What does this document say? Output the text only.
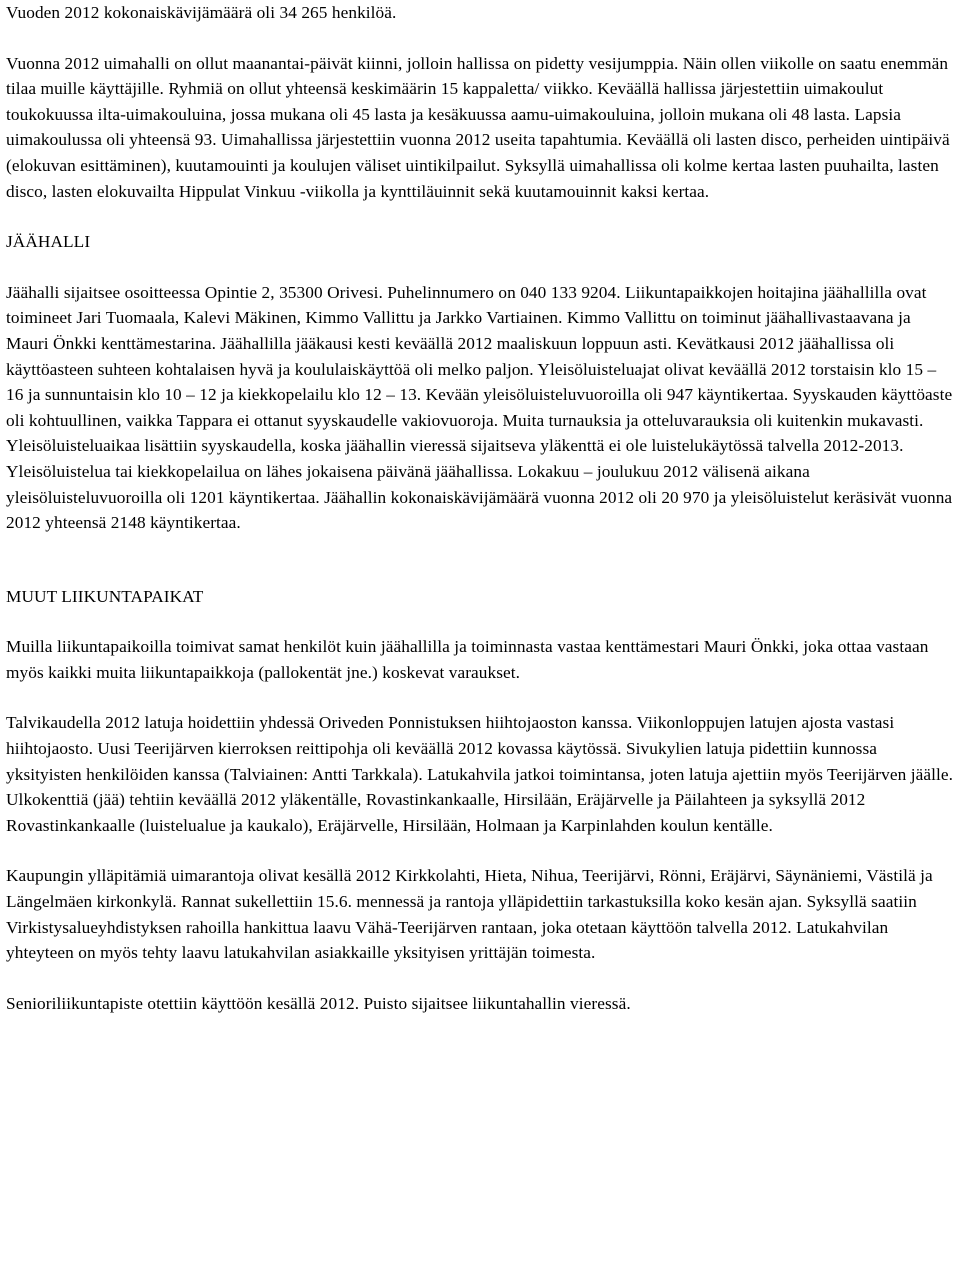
Vuoden 2012 kokonaiskävijämäärä oli 34 265 henkilöä.

Vuonna 2012 uimahalli on ollut maanantai-päivät kiinni, jolloin hallissa on pidetty vesijumppia. Näin ollen viikolle on saatu enemmän tilaa muille käyttäjille. Ryhmiä on ollut yhteensä keskimäärin 15 kappaletta/ viikko. Keväällä hallissa järjestettiin uimakoulut toukokuussa ilta-uimakouluina, jossa mukana oli 45 lasta ja kesäkuussa aamu-uimakouluina, jolloin mukana oli 48 lasta. Lapsia uimakoulussa oli yhteensä 93. Uimahallissa järjestettiin vuonna 2012 useita tapahtumia. Keväällä oli lasten disco, perheiden uintipäivä (elokuvan esittäminen), kuutamouinti ja koulujen väliset uintikilpailut. Syksyllä uimahallissa oli kolme kertaa lasten puuhailta, lasten disco, lasten elokuvailta Hippulat Vinkuu -viikolla ja kynttiläuinnit sekä kuutamouinnit kaksi kertaa.

JÄÄHALLI

Jäähalli sijaitsee osoitteessa Opintie 2, 35300 Orivesi. Puhelinnumero on 040 133 9204. Liikuntapaikkojen hoitajina jäähallilla ovat toimineet Jari Tuomaala, Kalevi Mäkinen, Kimmo Vallittu ja Jarkko Vartiainen. Kimmo Vallittu on toiminut jäähallivastaavana ja Mauri Önkki kenttämestarina. Jäähallilla jääkausi kesti keväällä 2012 maaliskuun loppuun asti. Kevätkausi 2012 jäähallissa oli käyttöasteen suhteen kohtalaisen hyvä ja koululaiskäyttöä oli melko paljon. Yleisöluisteluajat olivat keväällä 2012 torstaisin klo 15 – 16 ja sunnuntaisin klo 10 – 12 ja kiekkopelailu klo 12 – 13. Kevään yleisöluisteluvuoroilla oli 947 käyntikertaa. Syyskauden käyttöaste oli kohtuullinen, vaikka Tappara ei ottanut syyskaudelle vakiovuoroja. Muita turnauksia ja otteluvarauksia oli kuitenkin mukavasti. Yleisöluisteluaikaa lisättiin syyskaudella, koska jäähallin vieressä sijaitseva yläkenttä ei ole luistelukäytössä talvella 2012-2013. Yleisöluistelua tai kiekkopelailua on lähes jokaisena päivänä jäähallissa. Lokakuu – joulukuu 2012 välisenä aikana yleisöluisteluvuoroilla oli 1201 käyntikertaa. Jäähallin kokonaiskävijämäärä vuonna 2012 oli 20 970 ja yleisöluistelut keräsivät vuonna 2012 yhteensä 2148 käyntikertaa.

MUUT LIIKUNTAPAIKAT

Muilla liikuntapaikoilla toimivat samat henkilöt kuin jäähallilla ja toiminnasta vastaa kenttämestari Mauri Önkki, joka ottaa vastaan myös kaikki muita liikuntapaikkoja (pallokentät jne.) koskevat varaukset.

Talvikaudella 2012 latuja hoidettiin yhdessä Oriveden Ponnistuksen hiihtojaoston kanssa. Viikonloppujen latujen ajosta vastasi hiihtojaosto. Uusi Teerijärven kierroksen reittipohja oli keväällä 2012 kovassa käytössä. Sivukylien latuja pidettiin kunnossa yksityisten henkilöiden kanssa (Talviainen: Antti Tarkkala). Latukahvila jatkoi toimintansa, joten latuja ajettiin myös Teerijärven jäälle. Ulkokenttiä (jää) tehtiin keväällä 2012 yläkentälle, Rovastinkankaalle, Hirsilään, Eräjärvelle ja Päilahteen ja syksyllä 2012 Rovastinkankaalle (luistelualue ja kaukalo), Eräjärvelle, Hirsilään, Holmaan ja Karpinlahden koulun kentälle.

Kaupungin ylläpitämiä uimarantoja olivat kesällä 2012 Kirkkolahti, Hieta, Nihua, Teerijärvi, Rönni, Eräjärvi, Säynäniemi, Västilä ja Längelmäen kirkonkylä. Rannat sukellettiin 15.6. mennessä ja rantoja ylläpidettiin tarkastuksilla koko kesän ajan. Syksyllä saatiin Virkistysalueyhdistyksen rahoilla hankittua laavu Vähä-Teerijärven rantaan, joka otetaan käyttöön talvella 2012. Latukahvilan yhteyteen on myös tehty laavu latukahvilan asiakkaille yksityisen yrittäjän toimesta.

Senioriliikuntapiste otettiin käyttöön kesällä 2012. Puisto sijaitsee liikuntahallin vieressä.
